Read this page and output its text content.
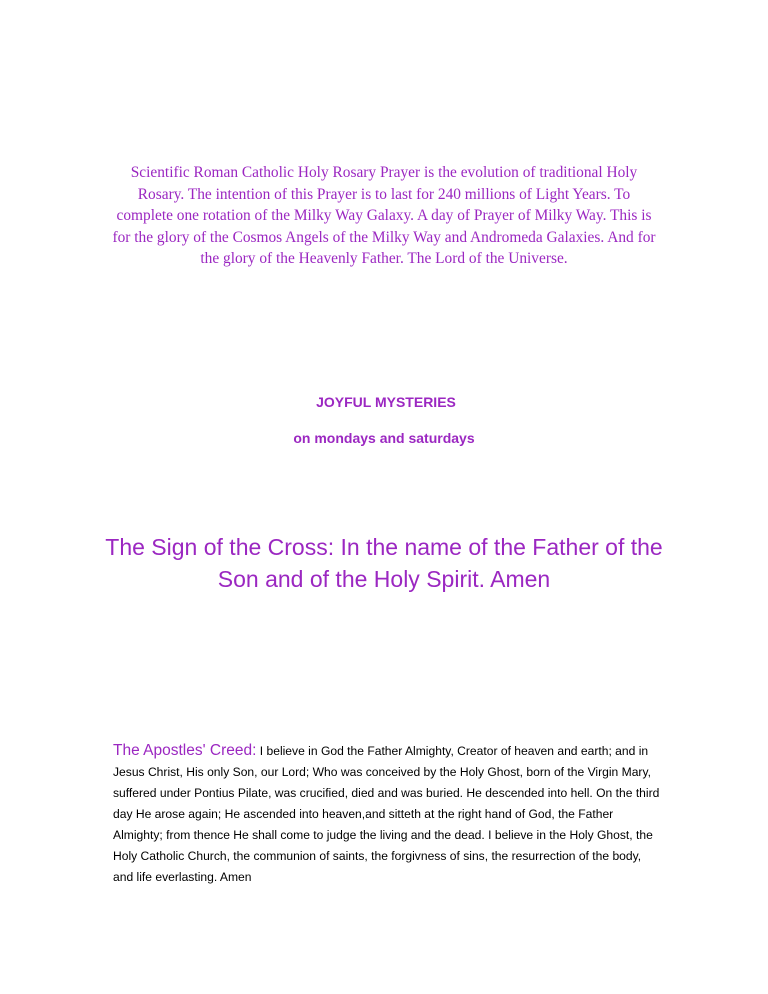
Scientific Roman Catholic Holy Rosary Prayer is the evolution of traditional Holy Rosary. The intention of this Prayer is to last for 240 millions of Light Years. To complete one rotation of the Milky Way Galaxy. A day of Prayer of Milky Way. This is for the glory of the Cosmos Angels of the Milky Way and Andromeda Galaxies. And for the glory of the Heavenly Father. The Lord of the Universe.

JOYFUL MYSTERIES
on mondays and saturdays

The Sign of the Cross: In the name of the Father of the Son and of the Holy Spirit. Amen

The Apostles' Creed: I believe in God the Father Almighty, Creator of heaven and earth; and in Jesus Christ, His only Son, our Lord; Who was conceived by the Holy Ghost, born of the Virgin Mary, suffered under Pontius Pilate, was crucified, died and was buried. He descended into hell. On the third day He arose again; He ascended into heaven,and sitteth at the right hand of God, the Father Almighty; from thence He shall come to judge the living and the dead. I believe in the Holy Ghost, the Holy Catholic Church, the communion of saints, the forgivness of sins, the resurrection of the body, and life everlasting. Amen
